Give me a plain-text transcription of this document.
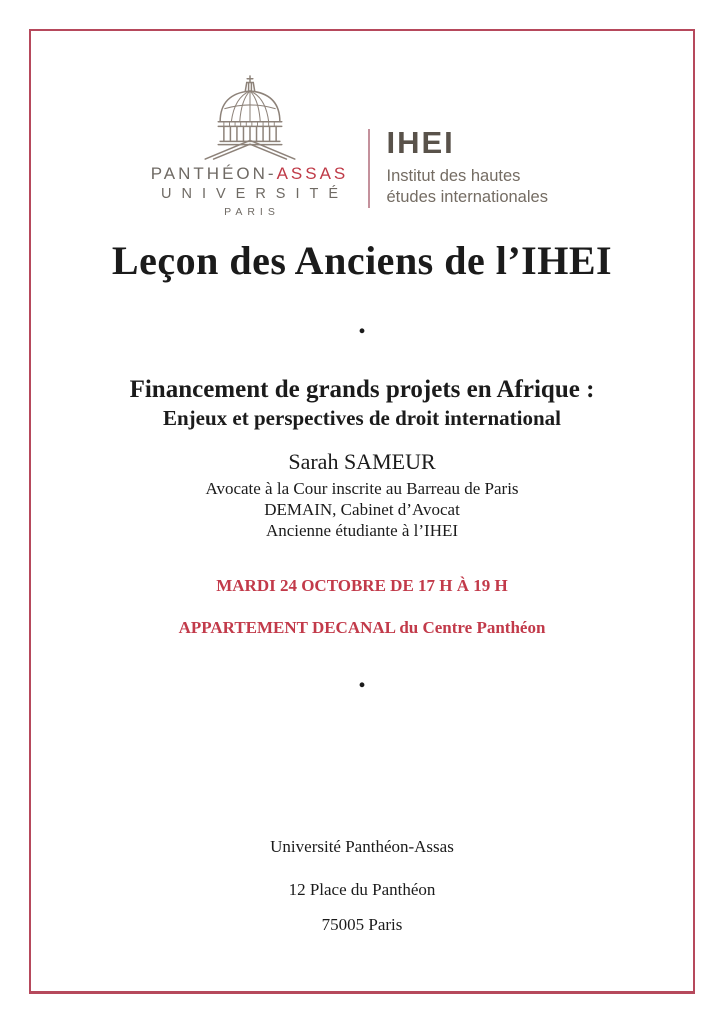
PANTHÉON-ASSAS
UNIVERSITÉ
PARIS
IHEI
Institut des hautes
études internationales
Leçon des Anciens de l’IHEI
.
Financement de grands projets en Afrique :
Enjeux et perspectives de droit international
Sarah SAMEUR
Avocate à la Cour inscrite au Barreau de Paris
DEMAIN, Cabinet d’Avocat
Ancienne étudiante à l’IHEI
MARDI 24 OCTOBRE DE 17 H À 19 H
APPARTEMENT DECANAL du Centre Panthéon
.
Université Panthéon-Assas
12 Place du Panthéon
75005 Paris
